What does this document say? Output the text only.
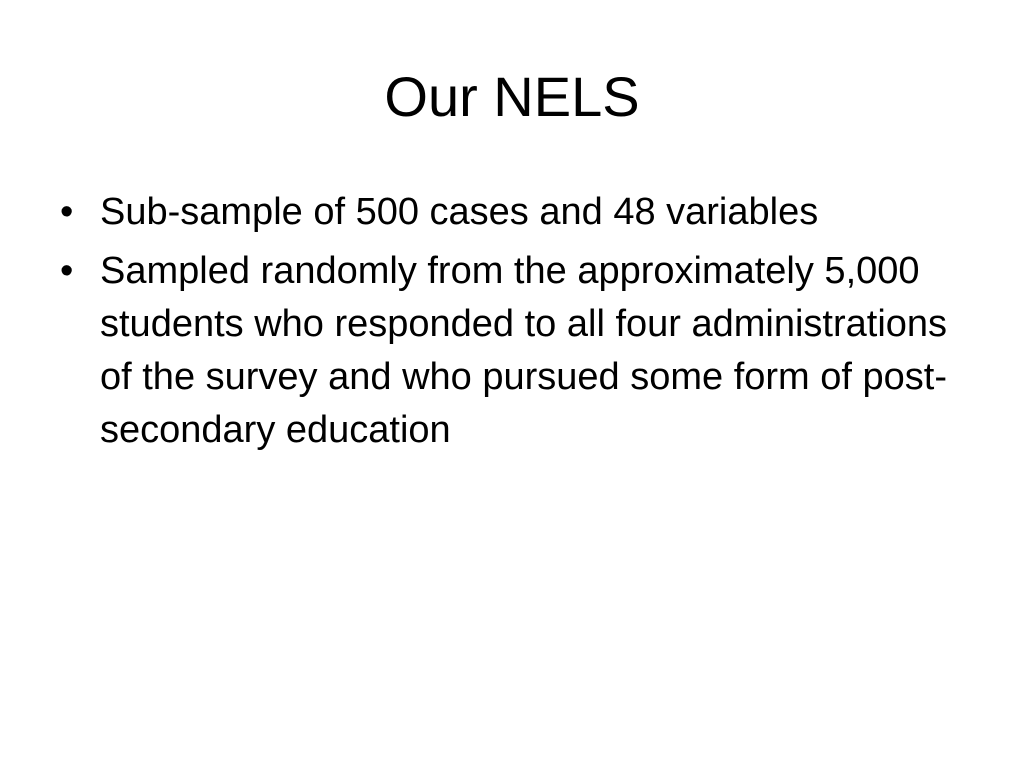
Our NELS
• Sub-sample of 500 cases and 48 variables
• Sampled randomly from the approximately 5,000 students who responded to all four administrations of the survey and who pursued some form of post-secondary education
